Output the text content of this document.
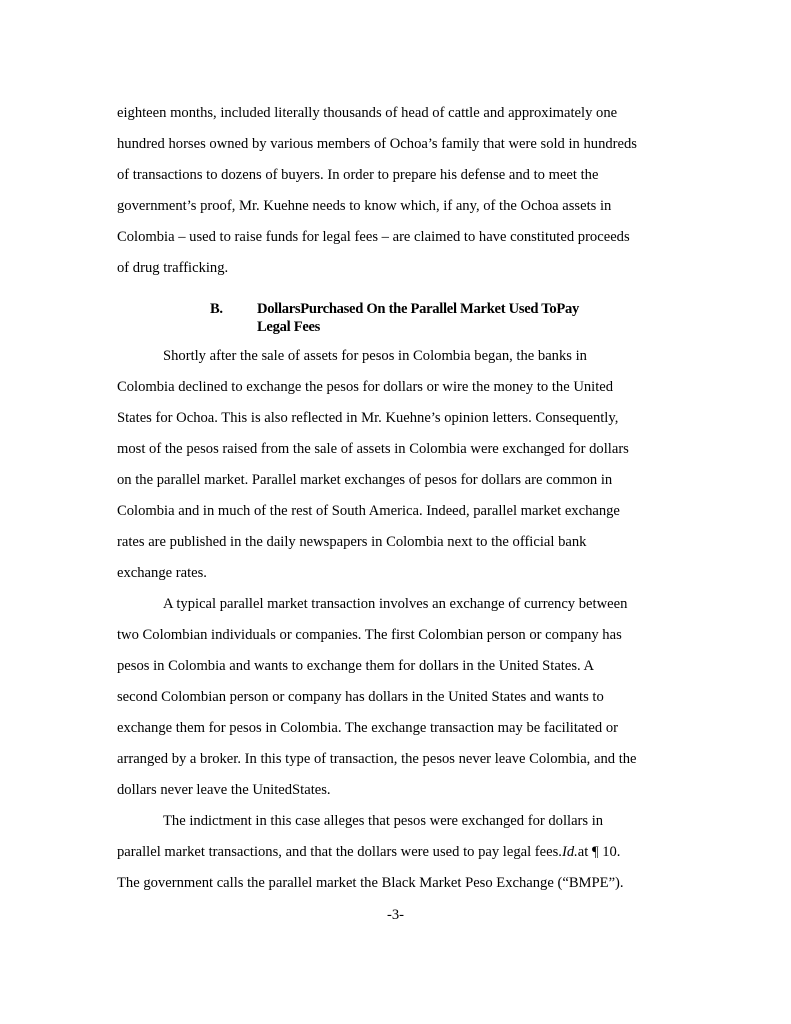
eighteen months, included literally thousands of head of cattle and approximately one
hundred horses owned by various members of Ochoa’s family that were sold in hundreds
of transactions to dozens of buyers. In order to prepare his defense and to meet the
government’s proof, Mr. Kuehne needs to know which, if any, of the Ochoa assets in
Colombia – used to raise funds for legal fees – are claimed to have constituted proceeds
of drug trafficking.
B. DollarsPurchased On the Parallel Market Used ToPay
Legal Fees
Shortly after the sale of assets for pesos in Colombia began, the banks in
Colombia declined to exchange the pesos for dollars or wire the money to the United
States for Ochoa. This is also reflected in Mr. Kuehne’s opinion letters. Consequently,
most of the pesos raised from the sale of assets in Colombia were exchanged for dollars
on the parallel market. Parallel market exchanges of pesos for dollars are common in
Colombia and in much of the rest of South America. Indeed, parallel market exchange
rates are published in the daily newspapers in Colombia next to the official bank
exchange rates.
A typical parallel market transaction involves an exchange of currency between
two Colombian individuals or companies. The first Colombian person or company has
pesos in Colombia and wants to exchange them for dollars in the United States. A
second Colombian person or company has dollars in the United States and wants to
exchange them for pesos in Colombia. The exchange transaction may be facilitated or
arranged by a broker. In this type of transaction, the pesos never leave Colombia, and the
dollars never leave the UnitedStates.
The indictment in this case alleges that pesos were exchanged for dollars in
parallel market transactions, and that the dollars were used to pay legal fees.Id.at ¶ 10.
The government calls the parallel market the Black Market Peso Exchange (“BMPE”).
-3-
